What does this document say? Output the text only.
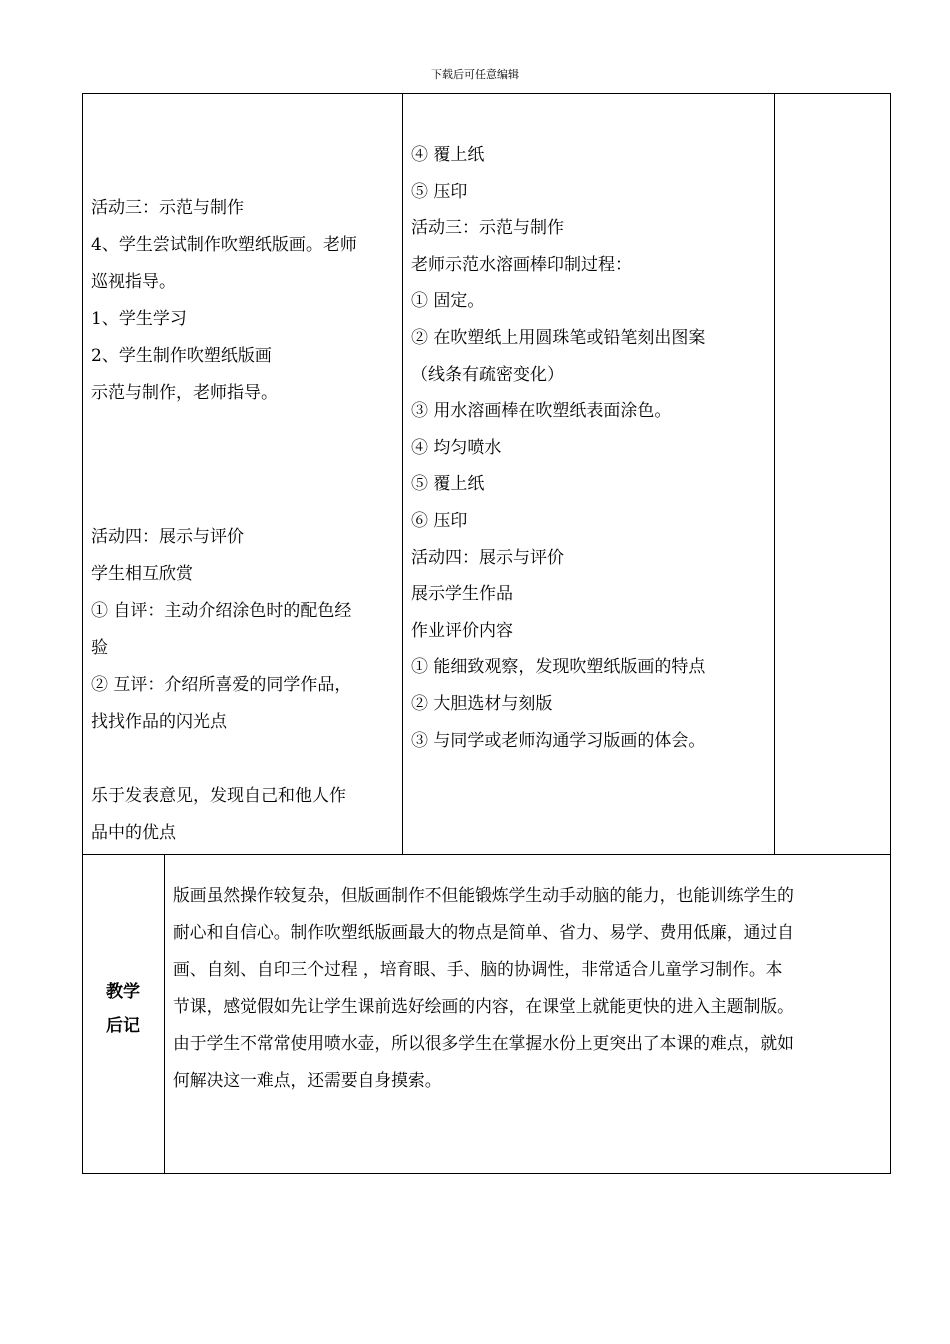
下载后可任意编辑
活动三：示范与制作
4、学生尝试制作吹塑纸版画。老师
巡视指导。
1、学生学习
2、学生制作吹塑纸版画
示范与制作，老师指导。
活动四：展示与评价
学生相互欣赏
① 自评：主动介绍涂色时的配色经
验
② 互评：介绍所喜爱的同学作品，
找找作品的闪光点
乐于发表意见，发现自己和他人作
品中的优点
④ 覆上纸
⑤ 压印
活动三：示范与制作
老师示范水溶画棒印制过程：
① 固定。
② 在吹塑纸上用圆珠笔或铅笔刻出图案
（线条有疏密变化）
③ 用水溶画棒在吹塑纸表面涂色。
④ 均匀喷水
⑤ 覆上纸
⑥ 压印
活动四：展示与评价
展示学生作品
作业评价内容
① 能细致观察，发现吹塑纸版画的特点
② 大胆选材与刻版
③ 与同学或老师沟通学习版画的体会。
教学
后记
版画虽然操作较复杂，但版画制作不但能锻炼学生动手动脑的能力，也能训练学生的
耐心和自信心。制作吹塑纸版画最大的物点是简单、省力、易学、费用低廉，通过自
画、自刻、自印三个过程 ，培育眼、手、脑的协调性，非常适合儿童学习制作。本
节课，感觉假如先让学生课前选好绘画的内容，在课堂上就能更快的进入主题制版。
由于学生不常常使用喷水壶，所以很多学生在掌握水份上更突出了本课的难点，就如
何解决这一难点，还需要自身摸索。
